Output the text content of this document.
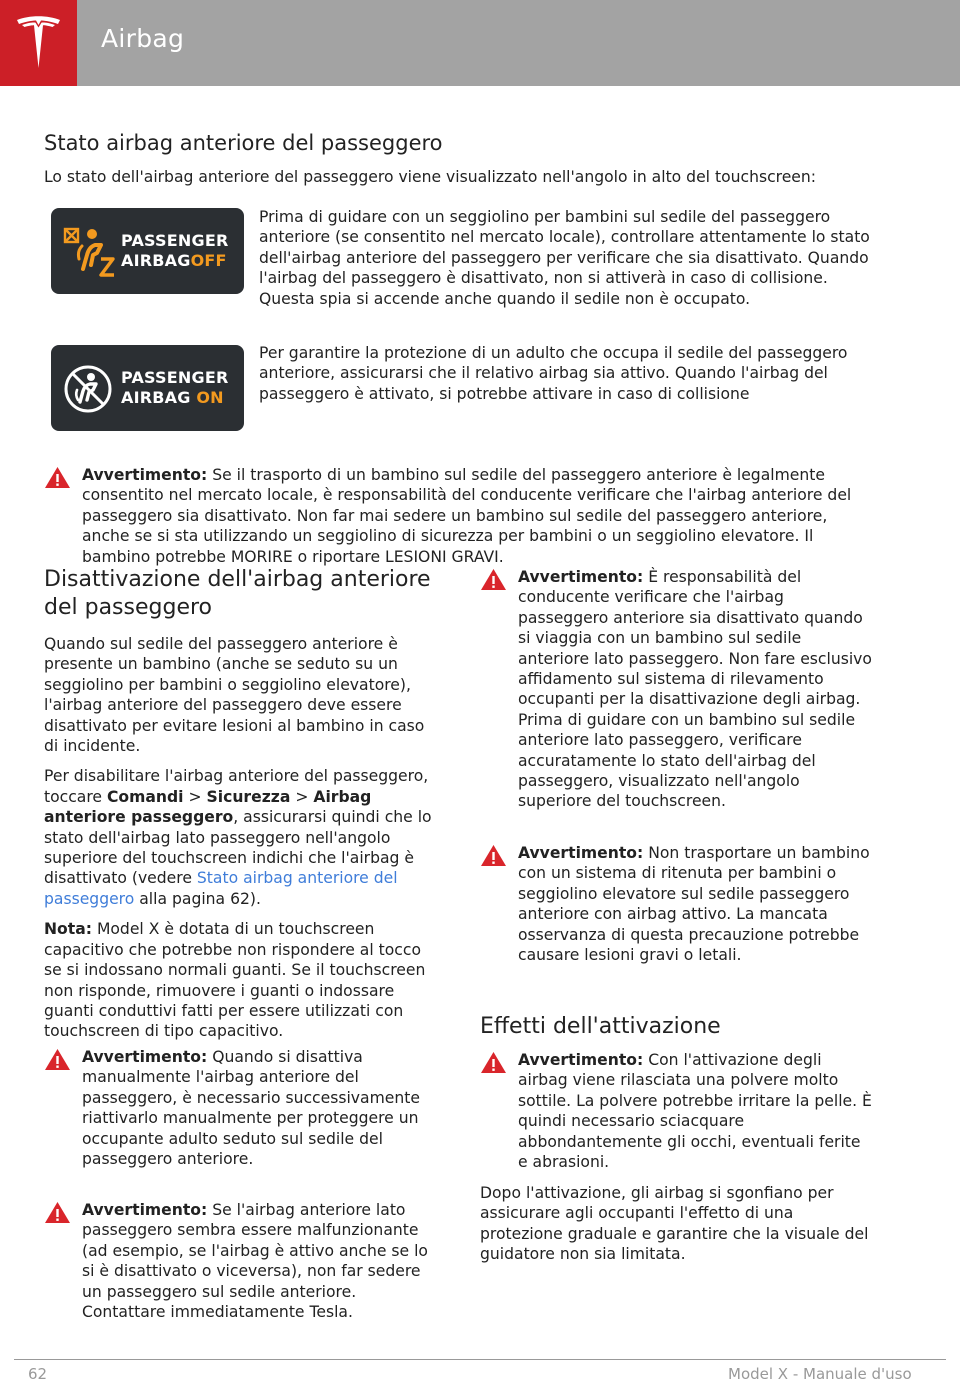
Airbag
Stato airbag anteriore del passeggero
Lo stato dell'airbag anteriore del passeggero viene visualizzato nell'angolo in alto del touchscreen:
PASSENGER
AIRBAGOFF
Prima di guidare con un seggiolino per bambini sul sedile del passeggero anteriore (se consentito nel mercato locale), controllare attentamente lo stato dell'airbag anteriore del passeggero per verificare che sia disattivato. Quando l'airbag del passeggero è disattivato, non si attiverà in caso di collisione. Questa spia si accende anche quando il sedile non è occupato.
PASSENGER
AIRBAG ON
Per garantire la protezione di un adulto che occupa il sedile del passeggero anteriore, assicurarsi che il relativo airbag sia attivo. Quando l'airbag del passeggero è attivato, si potrebbe attivare in caso di collisione
Avvertimento: Se il trasporto di un bambino sul sedile del passeggero anteriore è legalmente consentito nel mercato locale, è responsabilità del conducente verificare che l'airbag anteriore del passeggero sia disattivato. Non far mai sedere un bambino sul sedile del passeggero anteriore, anche se si sta utilizzando un seggiolino di sicurezza per bambini o un seggiolino elevatore. Il bambino potrebbe MORIRE o riportare LESIONI GRAVI.
Disattivazione dell'airbag anteriore del passeggero

Quando sul sedile del passeggero anteriore è presente un bambino (anche se seduto su un seggiolino per bambini o seggiolino elevatore), l'airbag anteriore del passeggero deve essere disattivato per evitare lesioni al bambino in caso di incidente.

Per disabilitare l'airbag anteriore del passeggero, toccare Comandi > Sicurezza > Airbag anteriore passeggero, assicurarsi quindi che lo stato dell'airbag lato passeggero nell'angolo superiore del touchscreen indichi che l'airbag è disattivato (vedere Stato airbag anteriore del passeggero alla pagina 62).

Nota: Model X è dotata di un touchscreen capacitivo che potrebbe non rispondere al tocco se si indossano normali guanti. Se il touchscreen non risponde, rimuovere i guanti o indossare guanti conduttivi fatti per essere utilizzati con touchscreen di tipo capacitivo.

Avvertimento: Quando si disattiva manualmente l'airbag anteriore del passeggero, è necessario successivamente riattivarlo manualmente per proteggere un occupante adulto seduto sul sedile del passeggero anteriore.
Avvertimento: Se l'airbag anteriore lato passeggero sembra essere malfunzionante (ad esempio, se l'airbag è attivo anche se lo si è disattivato o viceversa), non far sedere un passeggero sul sedile anteriore. Contattare immediatamente Tesla.
Avvertimento: È responsabilità del conducente verificare che l'airbag passeggero anteriore sia disattivato quando si viaggia con un bambino sul sedile anteriore lato passeggero. Non fare esclusivo affidamento sul sistema di rilevamento occupanti per la disattivazione degli airbag. Prima di guidare con un bambino sul sedile anteriore lato passeggero, verificare accuratamente lo stato dell'airbag del passeggero, visualizzato nell'angolo superiore del touchscreen.
Avvertimento: Non trasportare un bambino con un sistema di ritenuta per bambini o seggiolino elevatore sul sedile passeggero anteriore con airbag attivo. La mancata osservanza di questa precauzione potrebbe causare lesioni gravi o letali.
Effetti dell'attivazione
Avvertimento: Con l'attivazione degli airbag viene rilasciata una polvere molto sottile. La polvere potrebbe irritare la pelle. È quindi necessario sciacquare abbondantemente gli occhi, eventuali ferite e abrasioni.
Dopo l'attivazione, gli airbag si sgonfiano per assicurare agli occupanti l'effetto di una protezione graduale e garantire che la visuale del guidatore non sia limitata.
62	Model X - Manuale d'uso
